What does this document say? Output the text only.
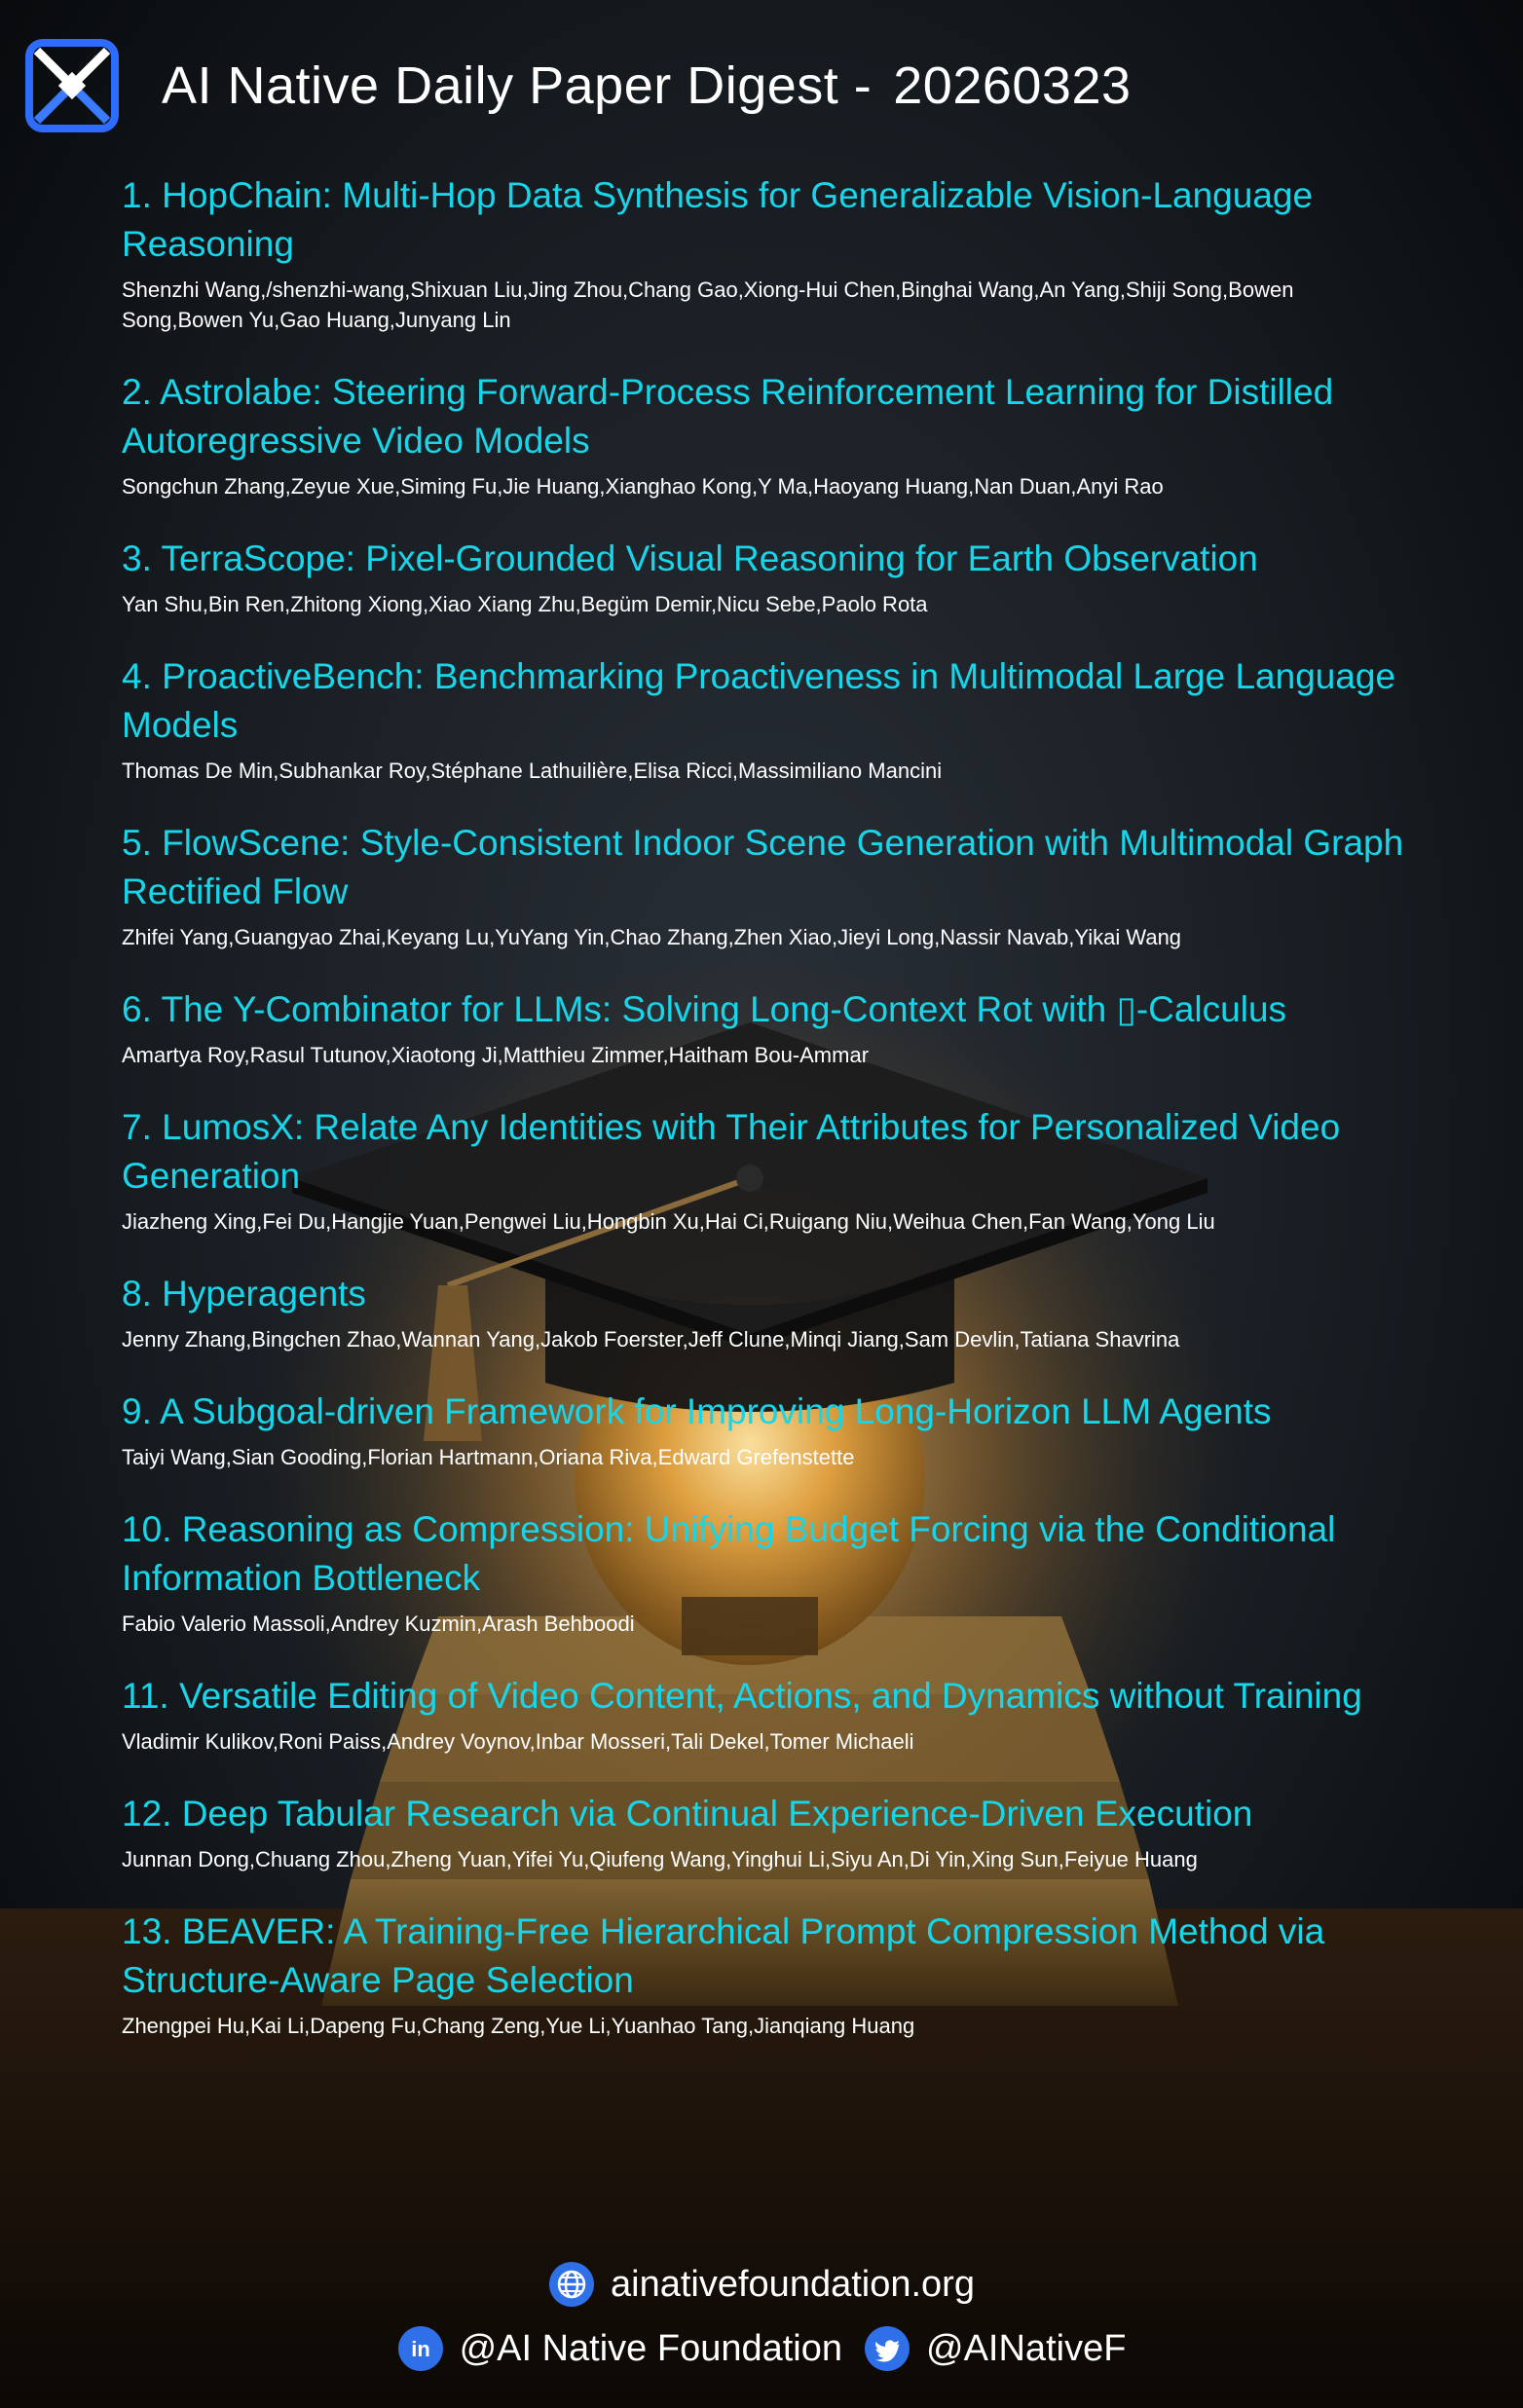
AI Native Daily Paper Digest - 20260323
1. HopChain: Multi-Hop Data Synthesis for Generalizable Vision-Language Reasoning
Shenzhi Wang,/shenzhi-wang,Shixuan Liu,Jing Zhou,Chang Gao,Xiong-Hui Chen,Binghai Wang,An Yang,Shiji Song,Bowen Song,Bowen Yu,Gao Huang,Junyang Lin
2. Astrolabe: Steering Forward-Process Reinforcement Learning for Distilled Autoregressive Video Models
Songchun Zhang,Zeyue Xue,Siming Fu,Jie Huang,Xianghao Kong,Y Ma,Haoyang Huang,Nan Duan,Anyi Rao
3. TerraScope: Pixel-Grounded Visual Reasoning for Earth Observation
Yan Shu,Bin Ren,Zhitong Xiong,Xiao Xiang Zhu,Begüm Demir,Nicu Sebe,Paolo Rota
4. ProactiveBench: Benchmarking Proactiveness in Multimodal Large Language Models
Thomas De Min,Subhankar Roy,Stéphane Lathuilière,Elisa Ricci,Massimiliano Mancini
5. FlowScene: Style-Consistent Indoor Scene Generation with Multimodal Graph Rectified Flow
Zhifei Yang,Guangyao Zhai,Keyang Lu,YuYang Yin,Chao Zhang,Zhen Xiao,Jieyi Long,Nassir Navab,Yikai Wang
6. The Y-Combinator for LLMs: Solving Long-Context Rot with ▯-Calculus
Amartya Roy,Rasul Tutunov,Xiaotong Ji,Matthieu Zimmer,Haitham Bou-Ammar
7. LumosX: Relate Any Identities with Their Attributes for Personalized Video Generation
Jiazheng Xing,Fei Du,Hangjie Yuan,Pengwei Liu,Hongbin Xu,Hai Ci,Ruigang Niu,Weihua Chen,Fan Wang,Yong Liu
8. Hyperagents
Jenny Zhang,Bingchen Zhao,Wannan Yang,Jakob Foerster,Jeff Clune,Minqi Jiang,Sam Devlin,Tatiana Shavrina
9. A Subgoal-driven Framework for Improving Long-Horizon LLM Agents
Taiyi Wang,Sian Gooding,Florian Hartmann,Oriana Riva,Edward Grefenstette
10. Reasoning as Compression: Unifying Budget Forcing via the Conditional Information Bottleneck
Fabio Valerio Massoli,Andrey Kuzmin,Arash Behboodi
11. Versatile Editing of Video Content, Actions, and Dynamics without Training
Vladimir Kulikov,Roni Paiss,Andrey Voynov,Inbar Mosseri,Tali Dekel,Tomer Michaeli
12. Deep Tabular Research via Continual Experience-Driven Execution
Junnan Dong,Chuang Zhou,Zheng Yuan,Yifei Yu,Qiufeng Wang,Yinghui Li,Siyu An,Di Yin,Xing Sun,Feiyue Huang
13. BEAVER: A Training-Free Hierarchical Prompt Compression Method via Structure-Aware Page Selection
Zhengpei Hu,Kai Li,Dapeng Fu,Chang Zeng,Yue Li,Yuanhao Tang,Jianqiang Huang
ainativefoundation.org
in @AI Native Foundation @AINativeF
